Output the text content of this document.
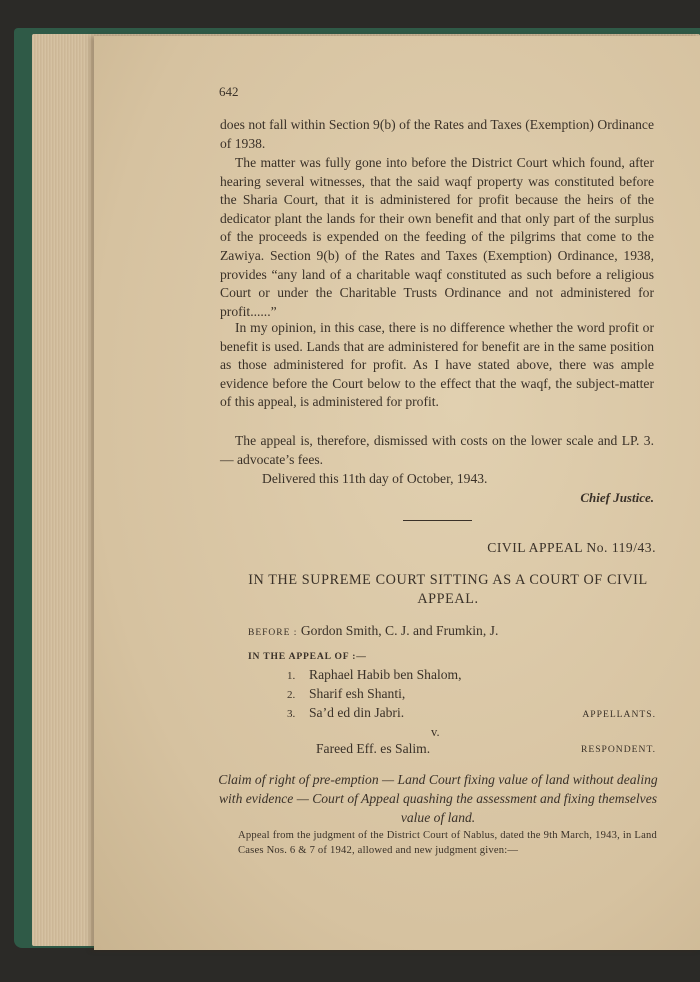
642
does not fall within Section 9(b) of the Rates and Taxes (Exemption) Ordinance of 1938.
The matter was fully gone into before the District Court which found, after hearing several witnesses, that the said waqf property was constituted before the Sharia Court, that it is administered for profit because the heirs of the dedicator plant the lands for their own benefit and that only part of the surplus of the proceeds is expended on the feeding of the pilgrims that come to the Zawiya. Section 9(b) of the Rates and Taxes (Exemption) Ordinance, 1938, provides “any land of a charitable waqf constituted as such before a religious Court or under the Charitable Trusts Ordinance and not administered for profit......”
In my opinion, in this case, there is no difference whether the word profit or benefit is used. Lands that are administered for benefit are in the same position as those administered for profit. As I have stated above, there was ample evidence before the Court below to the effect that the waqf, the subject-matter of this appeal, is administered for profit.
The appeal is, therefore, dismissed with costs on the lower scale and LP. 3.— advocate’s fees.
Delivered this 11th day of October, 1943.
Chief Justice.
CIVIL APPEAL No. 119/43.
IN THE SUPREME COURT SITTING AS A COURT OF CIVIL APPEAL.
BEFORE : Gordon Smith, C. J. and Frumkin, J.
IN THE APPEAL OF :—
1. Raphael Habib ben Shalom,
2. Sharif esh Shanti,
3. Sa’d ed din Jabri.	APPELLANTS.
v.
Fareed Eff. es Salim.	RESPONDENT.
Claim of right of pre-emption — Land Court fixing value of land without dealing with evidence — Court of Appeal quashing the assessment and fixing themselves value of land.
Appeal from the judgment of the District Court of Nablus, dated the 9th March, 1943, in Land Cases Nos. 6 & 7 of 1942, allowed and new judgment given:—
